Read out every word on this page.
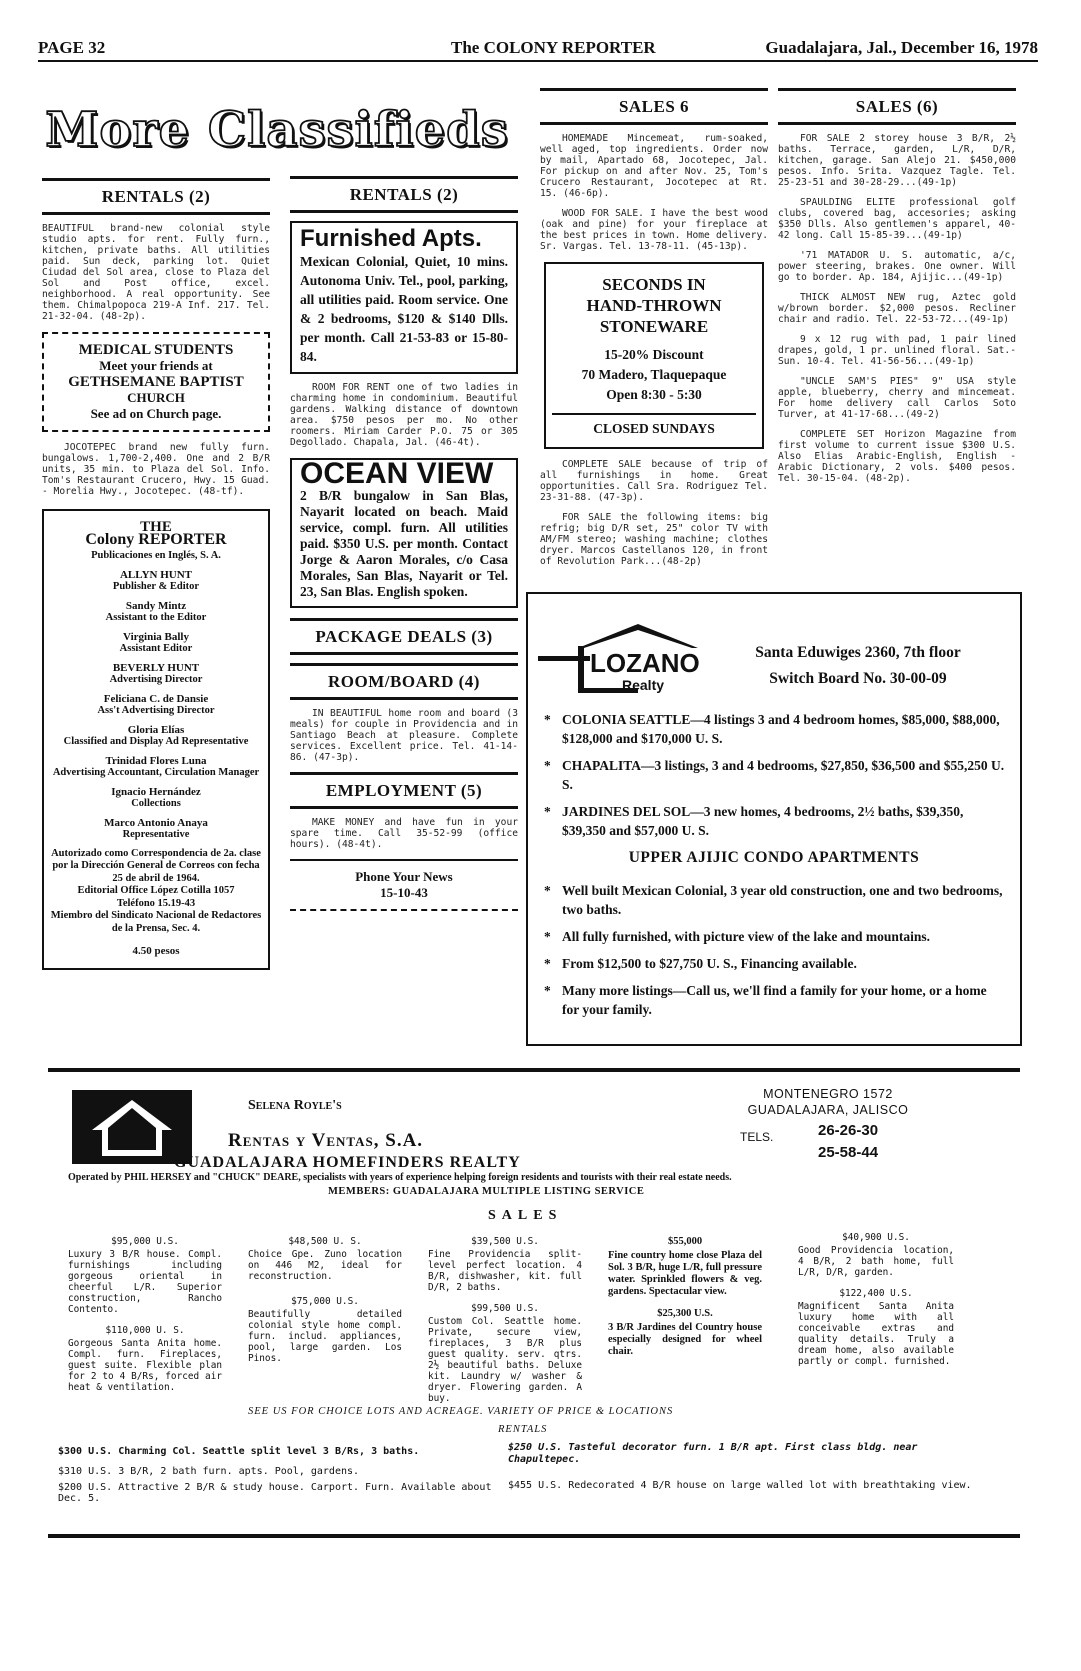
PAGE 32	The COLONY REPORTER	Guadalajara, Jal., December 16, 1978
More Classifieds
RENTALS (2)

BEAUTIFUL brand-new colonial style studio apts. for rent. Fully furn., kitchen, private baths. All utilities paid. Sun deck, parking lot. Quiet Ciudad del Sol area, close to Plaza del Sol and Post office, excel. neighborhood. A real opportunity. See them. Chimalpopoca 219-A Inf. 217. Tel. 21-32-04. (48-2p).

MEDICAL STUDENTS
Meet your friends at
GETHSEMANE BAPTIST
CHURCH
See ad on Church page.

JOCOTEPEC brand new fully furn. bungalows. 1,700-2,400. One and 2 B/R units, 35 min. to Plaza del Sol. Info. Tom's Restaurant Crucero, Hwy. 15 Guad. - Morelia Hwy., Jocotepec. (48-tf).

THE
Colony REPORTER
Publicaciones en Inglés, S. A.
ALLYN HUNT
Publisher & Editor
Sandy Mintz
Assistant to the Editor
Virginia Bally
Assistant Editor
BEVERLY HUNT
Advertising Director
Feliciana C. de Dansie
Ass't Advertising Director
Gloria Elías
Classified and Display Ad Representative
Trinidad Flores Luna
Advertising Accountant, Circulation Manager
Ignacio Hernández
Collections
Marco Antonio Anaya
Representative
Autorizado como Correspondencia de 2a. clase por la Dirección General de Correos con fecha 25 de abril de 1964.
Editorial Office López Cotilla 1057
Teléfono 15.19-43
Miembro del Sindicato Nacional de Redactores de la Prensa, Sec. 4.
4.50 pesos
RENTALS (2)
Furnished Apts.
Mexican Colonial, Quiet, 10 mins. Autonoma Univ. Tel., pool, parking, all utilities paid. Room service. One & 2 bedrooms, $120 & $140 Dlls. per month. Call 21-53-83 or 15-80-84.

ROOM FOR RENT one of two ladies in charming home in condominium. Beautiful gardens. Walking distance of downtown area. $750 pesos per mo. No other roomers. Miriam Carder P.O. 75 or 305 Degollado. Chapala, Jal. (46-4t).

OCEAN VIEW
2 B/R bungalow in San Blas, Nayarit located on beach. Maid service, compl. furn. All utilities paid. $350 U.S. per month. Contact Jorge & Aaron Morales, c/o Casa Morales, San Blas, Nayarit or Tel. 23, San Blas. English spoken.
PACKAGE DEALS (3)
ROOM/BOARD (4)

IN BEAUTIFUL home room and board (3 meals) for couple in Providencia and in Santiago Beach at pleasure. Complete services. Excellent price. Tel. 41-14-86. (47-3p).

EMPLOYMENT (5)

MAKE MONEY and have fun in your spare time. Call 35-52-99 (office hours). (48-4t).

Phone Your News
15-10-43
SALES 6

HOMEMADE Mincemeat, rum-soaked, well aged, top ingredients. Order now by mail, Apartado 68, Jocotepec, Jal. For pickup on and after Nov. 25, Tom's Crucero Restaurant, Jocotepec at Rt. 15. (46-6p).

WOOD FOR SALE. I have the best wood (oak and pine) for your fireplace at the best prices in town. Home delivery. Sr. Vargas. Tel. 13-78-11. (45-13p).

SECONDS IN
HAND-THROWN
STONEWARE
15-20% Discount
70 Madero, Tlaquepaque
Open 8:30 - 5:30
CLOSED SUNDAYS

COMPLETE SALE because of trip of all furnishings in home. Great opportunities. Call Sra. Rodriguez Tel. 23-31-88. (47-3p).

FOR SALE the following items: big refrig; big D/R set, 25" color TV with AM/FM stereo; washing machine; clothes dryer. Marcos Castellanos 120, in front of Revolution Park...(48-2p)

SALES (6)

FOR SALE 2 storey house 3 B/R, 2½ baths. Terrace, garden, L/R, D/R, kitchen, garage. San Alejo 21. $450,000 pesos. Info. Srita. Vazquez Tagle. Tel. 25-23-51 and 30-28-29...(49-1p)

SPAULDING ELITE professional golf clubs, covered bag, accesories; asking $350 Dlls. Also gentlemen's apparel, 40-42 long. Call 15-85-39...(49-1p)

'71 MATADOR U. S. automatic, a/c, power steering, brakes. One owner. Will go to border. Ap. 184, Ajijic...(49-1p)

THICK ALMOST NEW rug, Aztec gold w/brown border. $2,000 pesos. Recliner chair and radio. Tel. 22-53-72...(49-1p)

9 x 12 rug with pad, 1 pair lined drapes, gold, 1 pr. unlined floral. Sat.-Sun. 10-4. Tel. 41-56-56...(49-1p)

"UNCLE SAM'S PIES" 9" USA style apple, blueberry, cherry and mincemeat. For home delivery call Carlos Soto Turver, at 41-17-68...(49-2)

COMPLETE SET Horizon Magazine from first volume to current issue $300 U.S. Also Elias Arabic-English, English - Arabic Dictionary, 2 vols. $400 pesos. Tel. 30-15-04. (48-2p).

LOZANO
Realty
Santa Eduwiges 2360, 7th floor
Switch Board No. 30-00-09
* COLONIA SEATTLE—4 listings 3 and 4 bedroom homes, $85,000, $88,000, $128,000 and $170,000 U. S.
* CHAPALITA—3 listings, 3 and 4 bedrooms, $27,850, $36,500 and $55,250 U. S.
* JARDINES DEL SOL—3 new homes, 4 bedrooms, 2½ baths, $39,350, $39,350 and $57,000 U. S.
UPPER AJIJIC CONDO APARTMENTS
* Well built Mexican Colonial, 3 year old construction, one and two bedrooms, two baths.
* All fully furnished, with picture view of the lake and mountains.
* From $12,500 to $27,750 U. S., Financing available.
* Many more listings—Call us, we'll find a family for your home, or a home for your family.
Selena Royle's
Rentas y Ventas, S.A.
GUADALAJARA HOMEFINDERS REALTY
Operated by PHIL HERSEY and "CHUCK" DEARE, specialists with years of experience helping foreign residents and tourists with their real estate needs.
MEMBERS: GUADALAJARA MULTIPLE LISTING SERVICE
MONTENEGRO 1572
GUADALAJARA, JALISCO
TELS.	26-26-30
25-58-44
SALES
$95,000 U.S.
Luxury 3 B/R house. Compl. furnishings including gorgeous oriental in cheerful L/R. Superior construction, Rancho Contento.
$110,000 U. S.
Gorgeous Santa Anita home. Compl. furn. Fireplaces, guest suite. Flexible plan for 2 to 4 B/Rs, forced air heat & ventilation.
$48,500 U. S.
Choice Gpe. Zuno location on 446 M2, ideal for reconstruction.
$75,000 U.S.
Beautifully detailed colonial style home compl. furn. includ. appliances, pool, large garden. Los Pinos.
$39,500 U.S.
Fine Providencia split-level perfect location. 4 B/R, dishwasher, kit. full D/R, 2 baths.
$99,500 U.S.
Custom Col. Seattle home. Private, secure view, fireplaces, 3 B/R plus guest quality. serv. qtrs. 2½ beautiful baths. Deluxe kit. Laundry w/ washer & dryer. Flowering garden. A buy.
$55,000
Fine country home close Plaza del Sol. 3 B/R, huge L/R, full pressure water. Sprinkled flowers & veg. gardens. Spectacular view.
$25,300 U.S.
3 B/R Jardines del Country house especially designed for wheel chair.
$40,900 U.S.
Good Providencia location, 4 B/R, 2 bath home, full L/R, D/R, garden.
$122,400 U.S.
Magnificent Santa Anita luxury home with all conceivable extras and quality details. Truly a dream home, also available partly or compl. furnished.
SEE US FOR CHOICE LOTS AND ACREAGE. VARIETY OF PRICE & LOCATIONS
RENTALS
$300 U.S. Charming Col. Seattle split level 3 B/Rs, 3 baths.
$310 U.S. 3 B/R, 2 bath furn. apts. Pool, gardens.
$200 U.S. Attractive 2 B/R & study house. Carport. Furn. Available about Dec. 5.
$250 U.S. Tasteful decorator furn. 1 B/R apt. First class bldg. near Chapultepec.
$455 U.S. Redecorated 4 B/R house on large walled lot with breathtaking view.
